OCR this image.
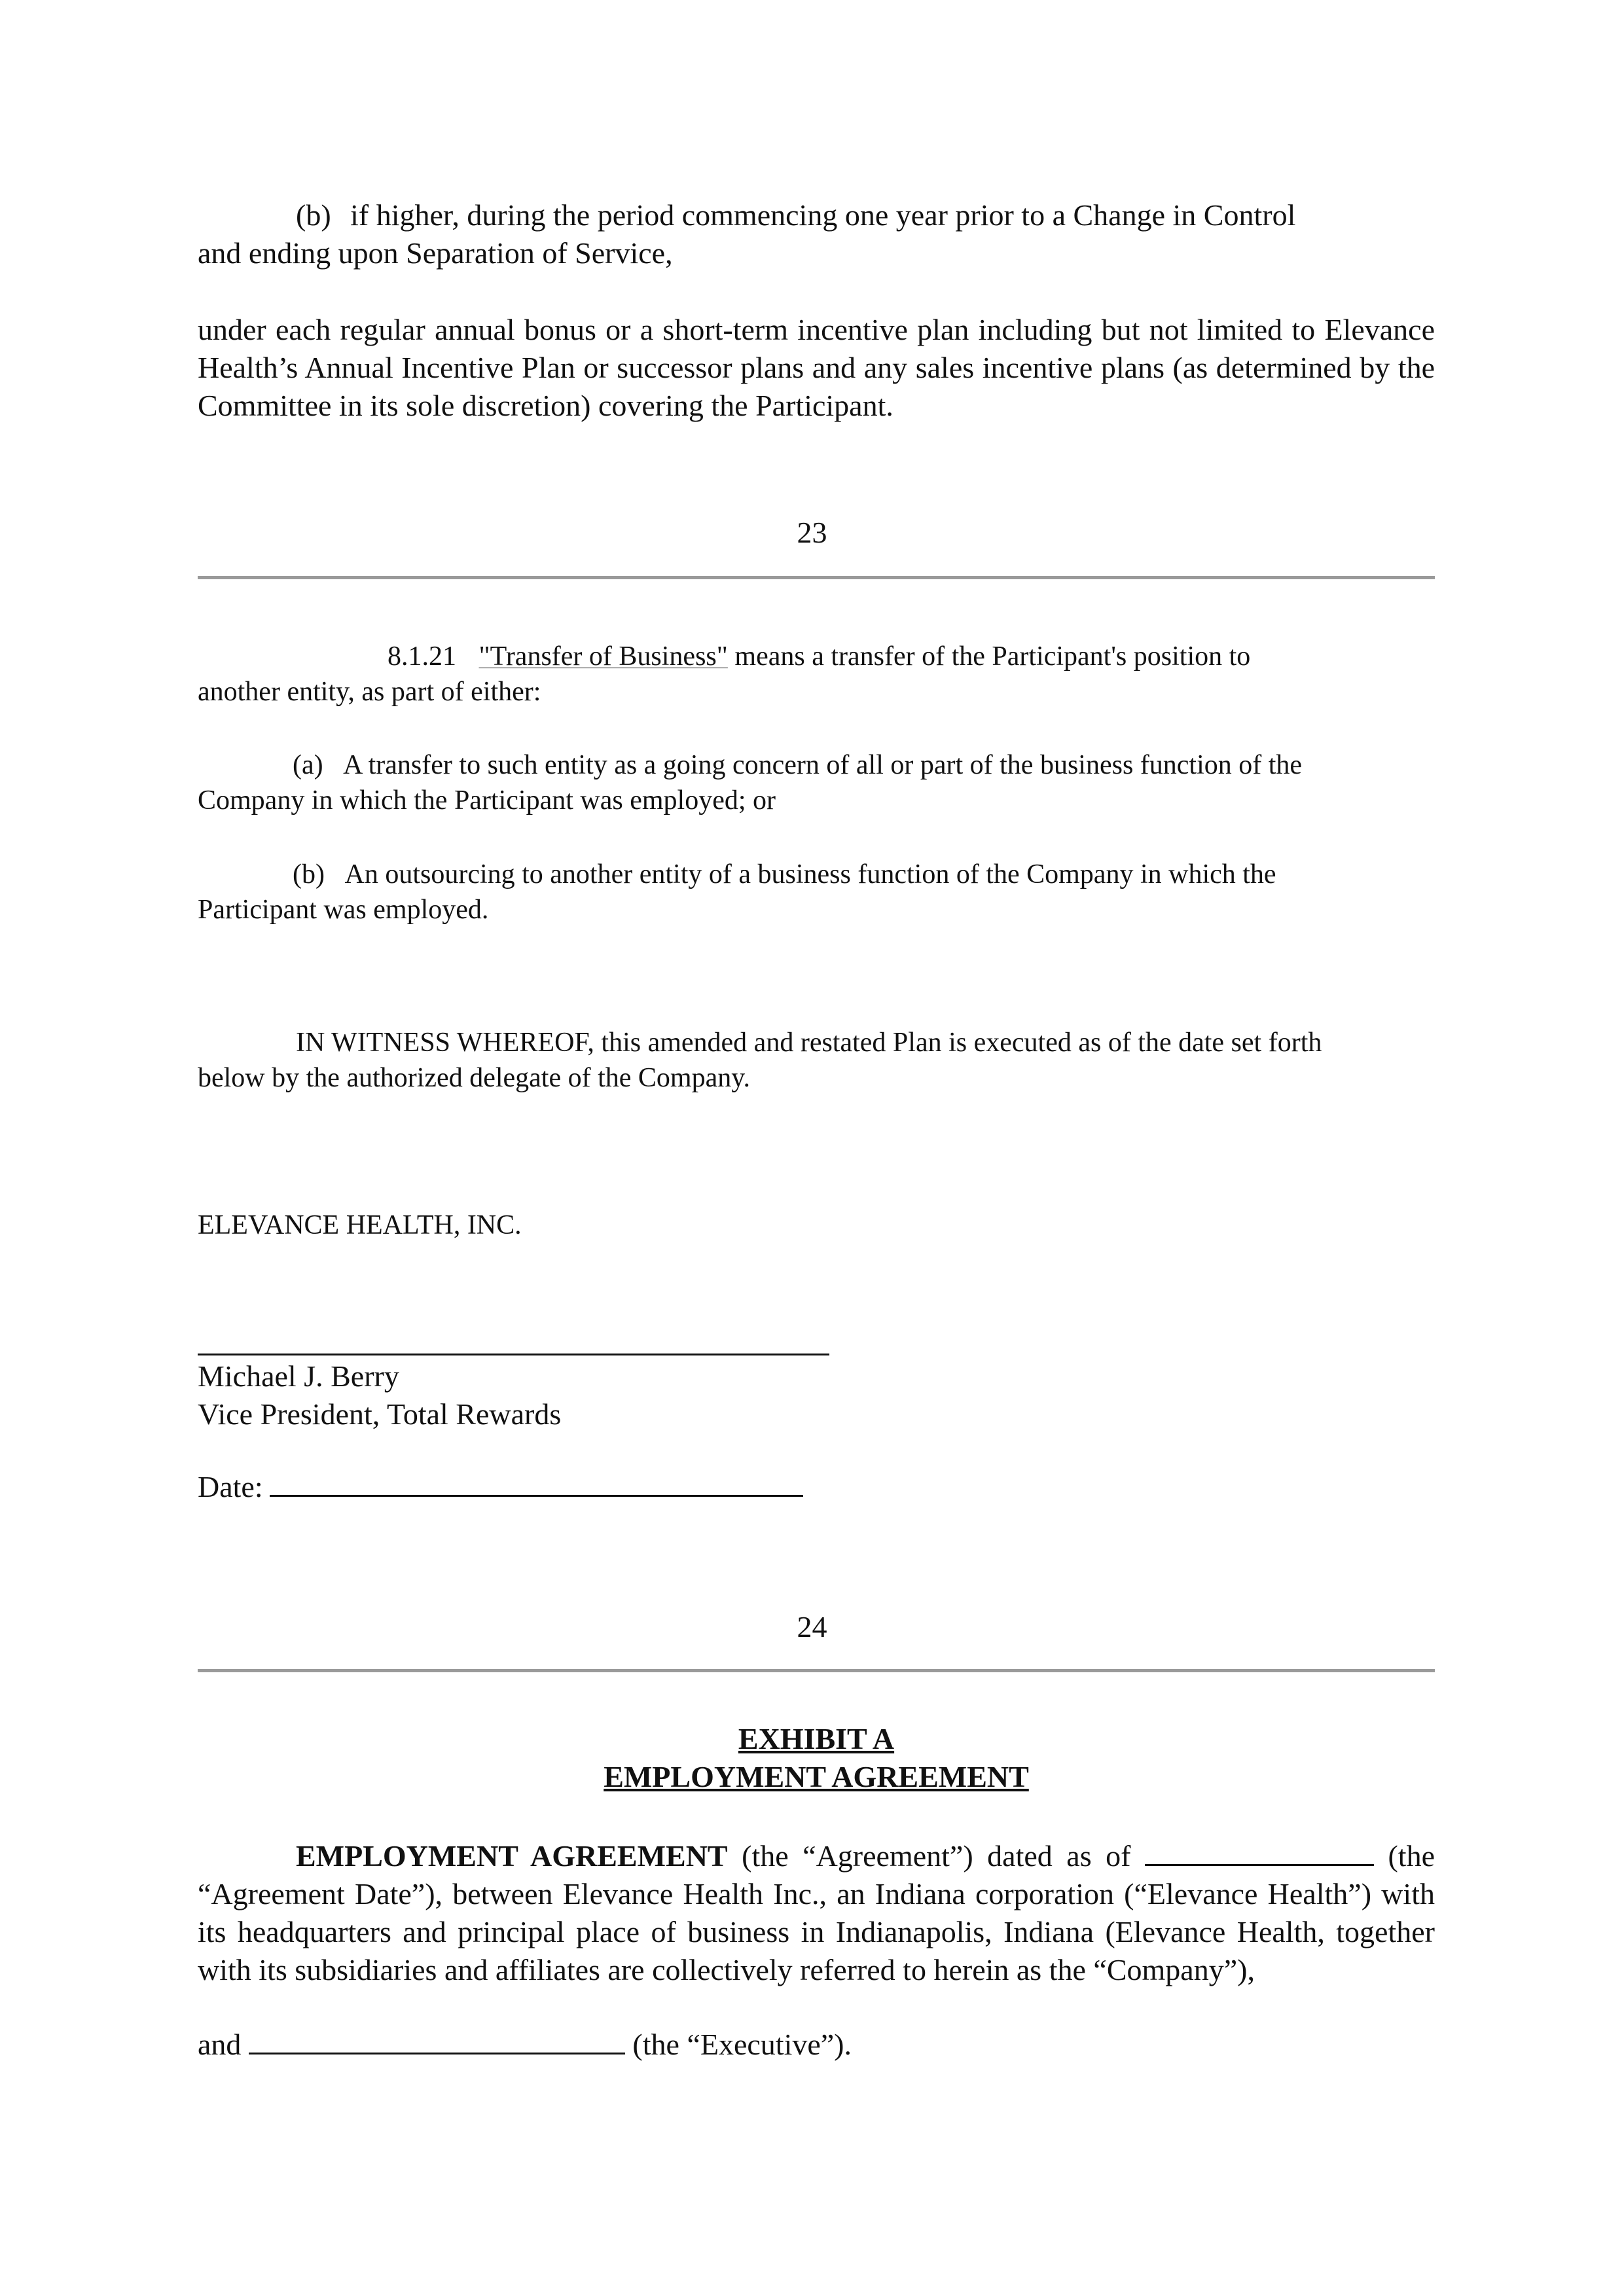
(b) if higher, during the period commencing one year prior to a Change in Control
and ending upon Separation of Service,

under each regular annual bonus or a short-term incentive plan including but not limited to Elevance Health’s Annual Incentive Plan or successor plans and any sales incentive plans (as determined by the Committee in its sole discretion) covering the Participant.

23

8.1.21 "Transfer of Business" means a transfer of the Participant's position to
another entity, as part of either:

(a) A transfer to such entity as a going concern of all or part of the business function of the
Company in which the Participant was employed; or

(b) An outsourcing to another entity of a business function of the Company in which the
Participant was employed.

IN WITNESS WHEREOF, this amended and restated Plan is executed as of the date set forth
below by the authorized delegate of the Company.

ELEVANCE HEALTH, INC.

Michael J. Berry
Vice President, Total Rewards

Date:

24
EXHIBIT A
EMPLOYMENT AGREEMENT

EMPLOYMENT AGREEMENT (the “Agreement”) dated as of	(the “Agreement Date”), between Elevance Health Inc., an Indiana corporation (“Elevance Health”) with its headquarters and principal place of business in Indianapolis, Indiana (Elevance Health, together with its subsidiaries and affiliates are collectively referred to herein as the “Company”),

and	(the “Executive”).
